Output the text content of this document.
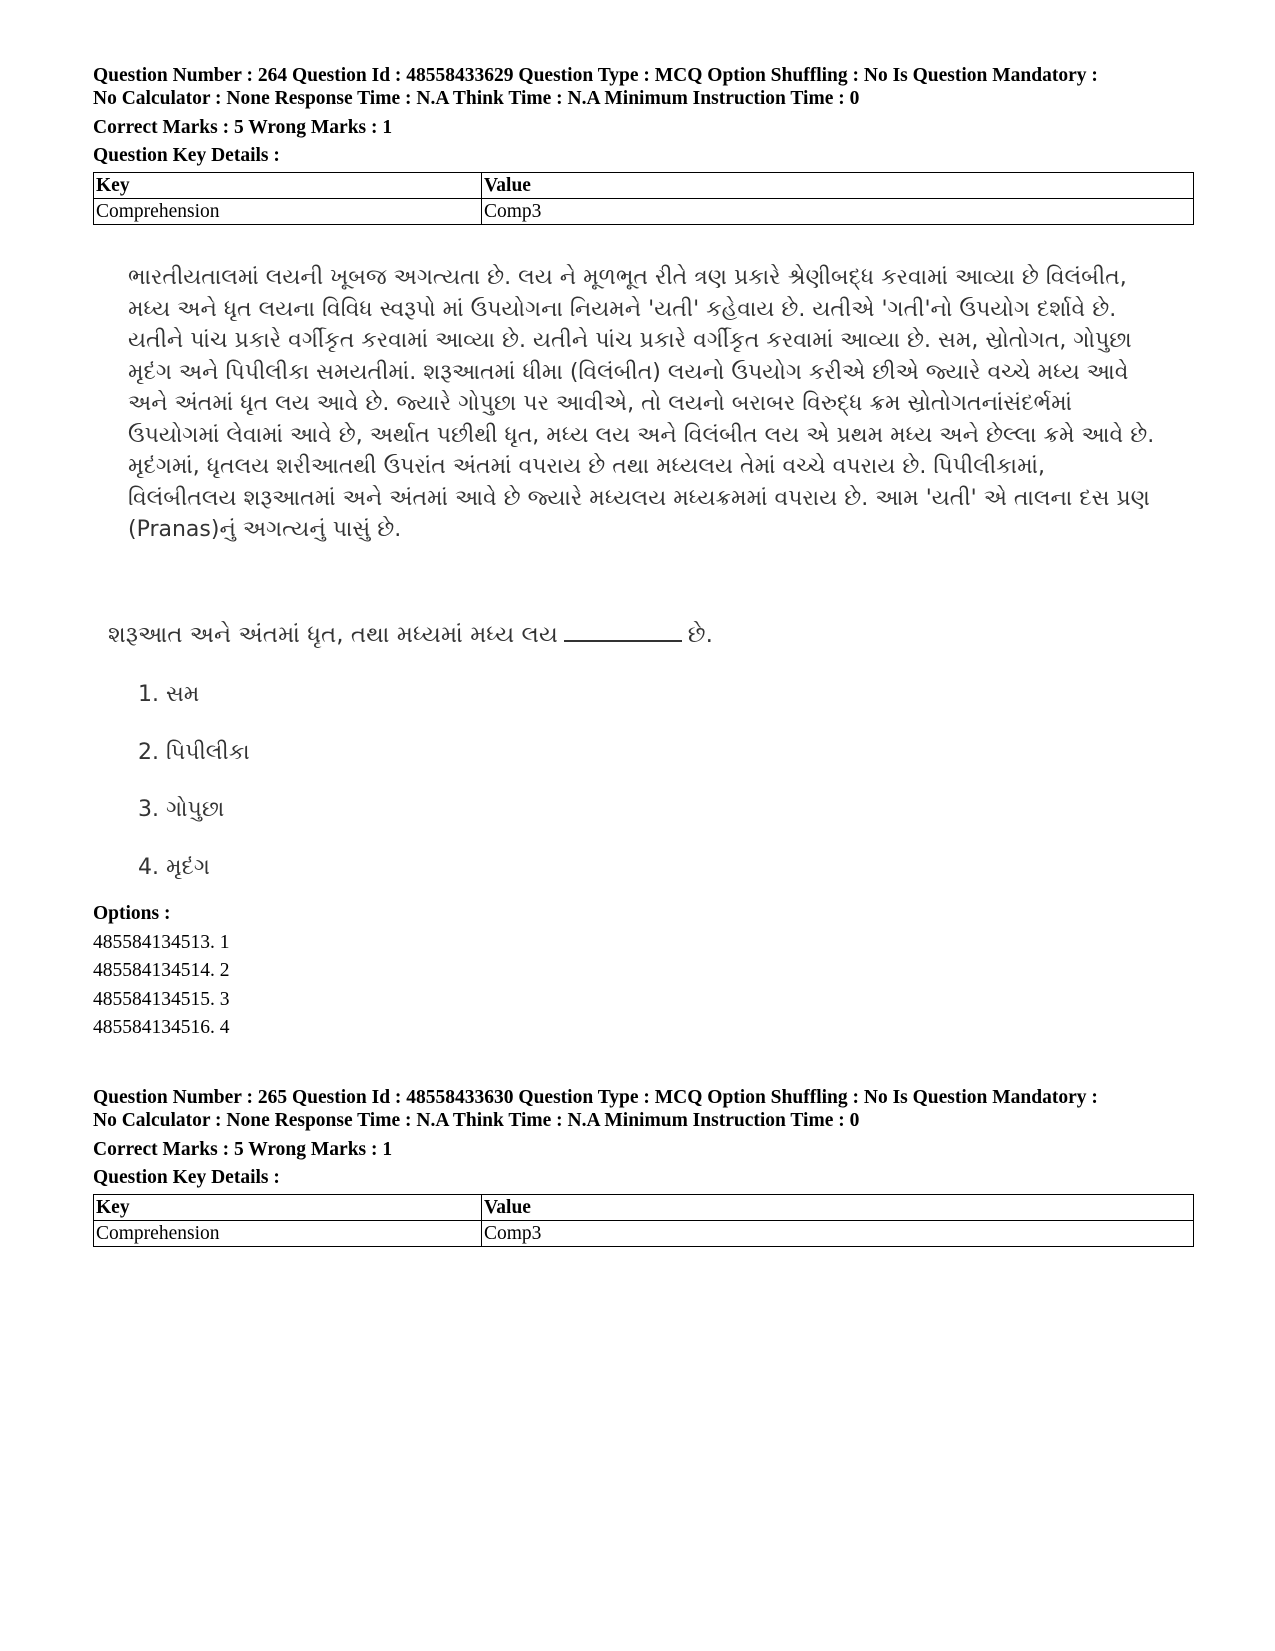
Question Number : 264 Question Id : 48558433629 Question Type : MCQ Option Shuffling : No Is Question Mandatory :
No Calculator : None Response Time : N.A Think Time : N.A Minimum Instruction Time : 0
Correct Marks : 5 Wrong Marks : 1
Question Key Details :
Key	Value
Comprehension	Comp3
ભારતીયતાલમાં લયની ખૂબજ અગત્યતા છે. લય ને મૂળભૂત રીતે ત્રણ પ્રકારે શ્રેણીબદ્ધ કરવામાં આવ્યા છે વિલંબીત,
મધ્ય અને ધૃત લયના વિવિધ સ્વરૂપો માં ઉપયોગના નિયમને 'યતી' કહેવાય છે. યતીએ 'ગતી'નો ઉપયોગ દર્શાવે છે.
યતીને પાંચ પ્રકારે વર્ગીકૃત કરવામાં આવ્યા છે. યતીને પાંચ પ્રકારે વર્ગીકૃત કરવામાં આવ્યા છે. સમ, સ્રોતોગત, ગોપુછા
મૃદંગ અને પિપીલીકા સમયતીમાં. શરૂઆતમાં ધીમા (વિલંબીત) લયનો ઉપયોગ કરીએ છીએ જ્યારે વચ્ચે મધ્ય આવે
અને અંતમાં ધૃત લય આવે છે. જ્યારે ગોપુછા પર આવીએ, તો લયનો બરાબર વિરુદ્ધ ક્રમ સ્રોતોગતનાંસંદર્ભમાં
ઉપયોગમાં લેવામાં આવે છે, અર્થાત પછીથી ધૃત, મધ્ય લય અને વિલંબીત લય એ પ્રથમ મધ્ય અને છેલ્લા ક્રમે આવે છે.
મૃદંગમાં, ધૃતલય શરીઆતથી ઉપરાંત અંતમાં વપરાય છે તથા મધ્યલય તેમાં વચ્ચે વપરાય છે. પિપીલીકામાં,
વિલંબીતલય શરૂઆતમાં અને અંતમાં આવે છે જ્યારે મધ્યલય મધ્યક્રમમાં વપરાય છે. આમ 'યતી' એ તાલના દસ પ્રણ
(Pranas)નું અગત્યનું પાસું છે.
શરૂઆત અને અંતમાં ધૃત, તથા મધ્યમાં મધ્ય લય	છે.
1. સમ
2. પિપીલીકા
3. ગોપુછા
4. મૃદંગ
Options :
485584134513. 1
485584134514. 2
485584134515. 3
485584134516. 4
Question Number : 265 Question Id : 48558433630 Question Type : MCQ Option Shuffling : No Is Question Mandatory :
No Calculator : None Response Time : N.A Think Time : N.A Minimum Instruction Time : 0
Correct Marks : 5 Wrong Marks : 1
Question Key Details :
Key	Value
Comprehension	Comp3
